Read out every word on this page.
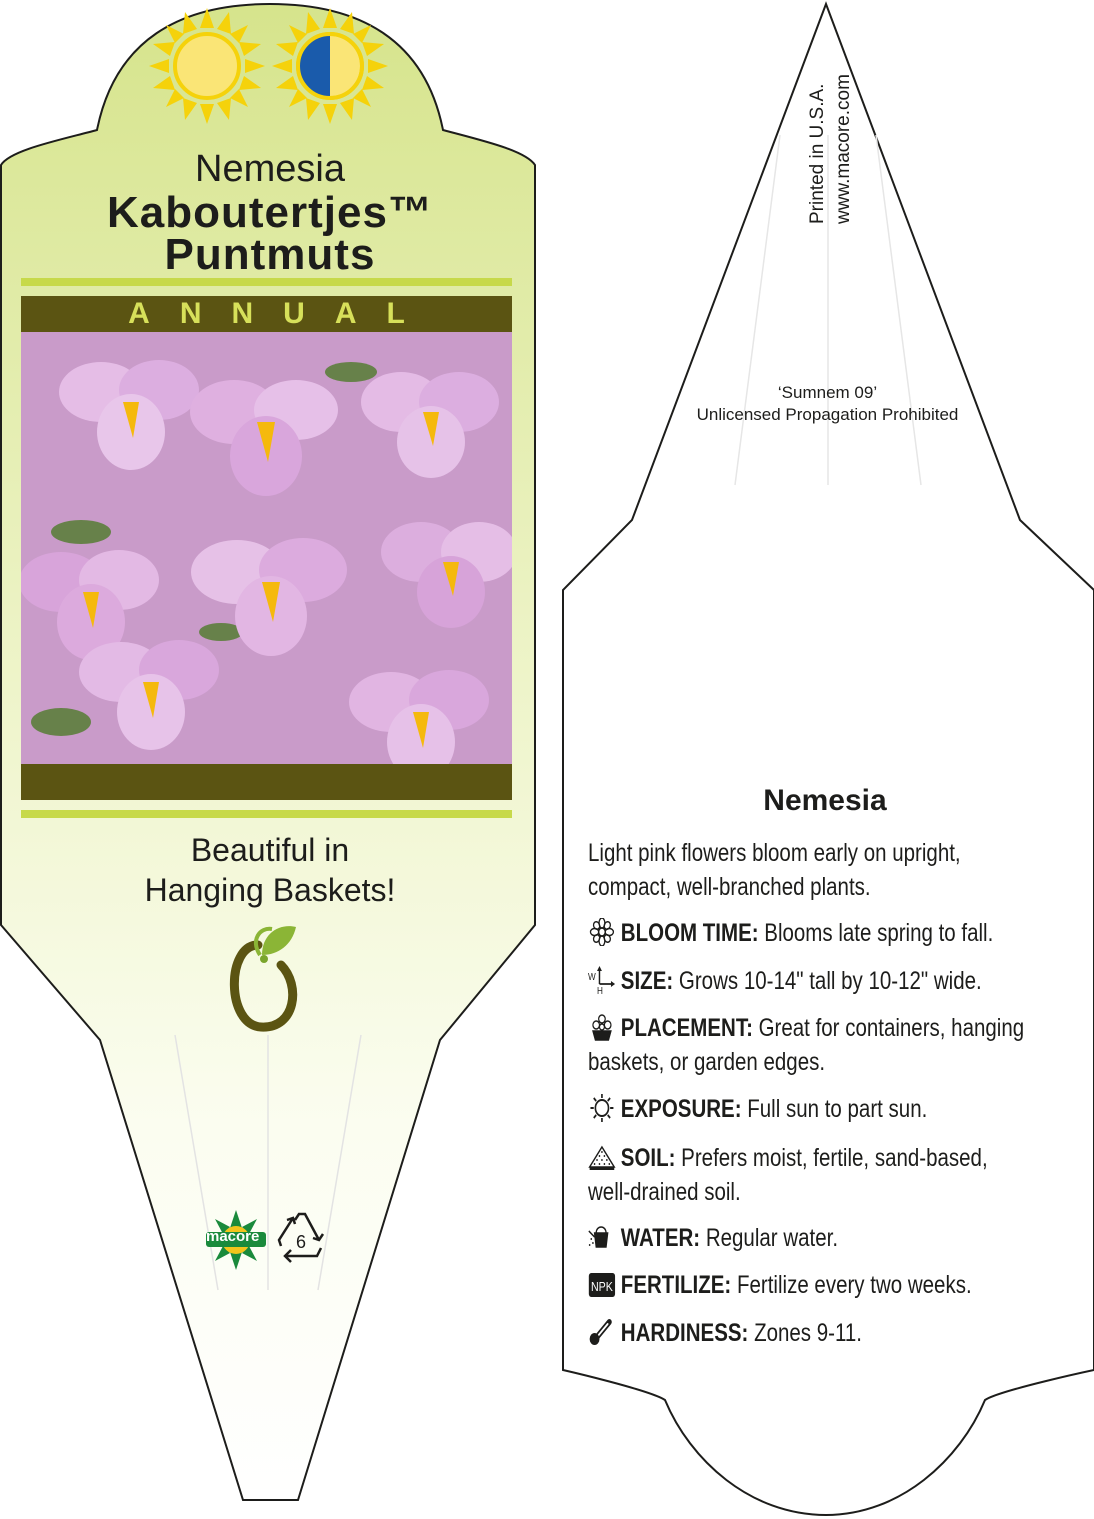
Nemesia
Kaboutertjes™
Puntmuts
ANNUAL
Beautiful in
Hanging Baskets!
macore 6
Printed in U.S.A. www.macore.com
‘Sumnem 09’
Unlicensed Propagation Prohibited
Nemesia
Light pink flowers bloom early on upright, compact, well-branched plants.
BLOOM TIME: Blooms late spring to fall.
W
H SIZE: Grows 10-14" tall by 10-12" wide.
PLACEMENT: Great for containers, hanging
baskets, or garden edges.
EXPOSURE: Full sun to part sun.
SOIL: Prefers moist, fertile, sand-based,
well-drained soil.
WATER: Regular water.
NPK FERTILIZE: Fertilize every two weeks.
HARDINESS: Zones 9-11.
